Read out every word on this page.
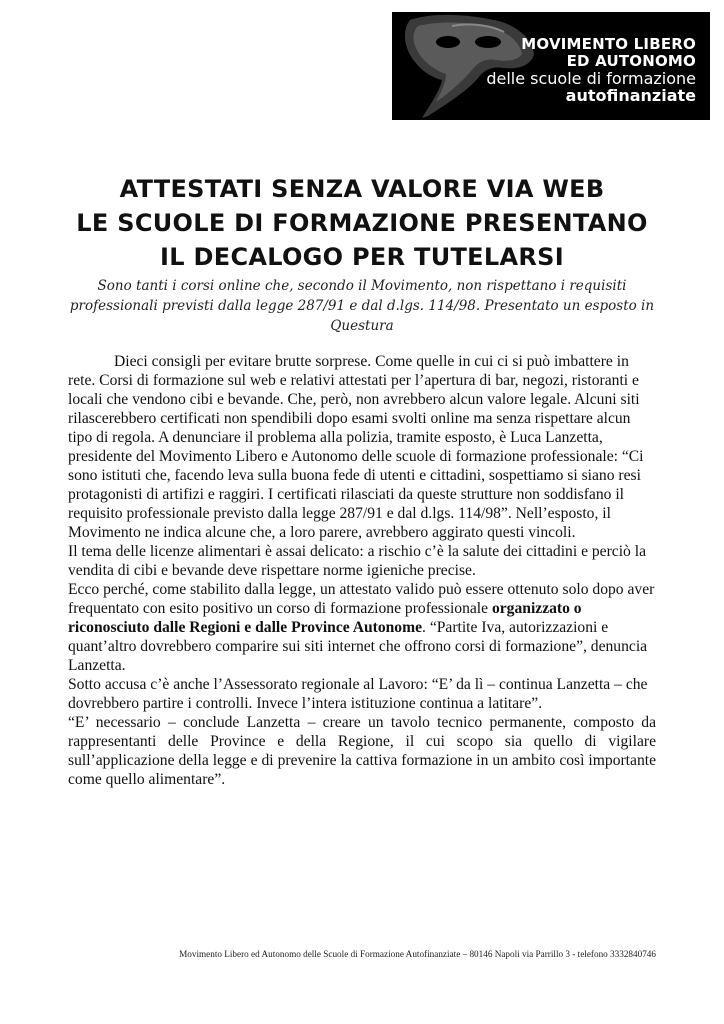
MOVIMENTO LIBERO
ED AUTONOMO
delle scuole di formazione
autofinanziate
ATTESTATI SENZA VALORE VIA WEB
LE SCUOLE DI FORMAZIONE PRESENTANO
IL DECALOGO PER TUTELARSI
Sono tanti i corsi online che, secondo il Movimento, non rispettano i requisiti professionali previsti dalla legge 287/91 e dal d.lgs. 114/98. Presentato un esposto in Questura

Dieci consigli per evitare brutte sorprese. Come quelle in cui ci si può imbattere in rete. Corsi di formazione sul web e relativi attestati per l’apertura di bar, negozi, ristoranti e locali che vendono cibi e bevande. Che, però, non avrebbero alcun valore legale. Alcuni siti rilascerebbero certificati non spendibili dopo esami svolti online ma senza rispettare alcun tipo di regola. A denunciare il problema alla polizia, tramite esposto, è Luca Lanzetta, presidente del Movimento Libero e Autonomo delle scuole di formazione professionale: “Ci sono istituti che, facendo leva sulla buona fede di utenti e cittadini, sospettiamo si siano resi protagonisti di artifizi e raggiri. I certificati rilasciati da queste strutture non soddisfano il requisito professionale previsto dalla legge 287/91 e dal d.lgs. 114/98”. Nell’esposto, il Movimento ne indica alcune che, a loro parere, avrebbero aggirato questi vincoli.

Il tema delle licenze alimentari è assai delicato: a rischio c’è la salute dei cittadini e perciò la vendita di cibi e bevande deve rispettare norme igieniche precise.

Ecco perché, come stabilito dalla legge, un attestato valido può essere ottenuto solo dopo aver frequentato con esito positivo un corso di formazione professionale organizzato o riconosciuto dalle Regioni e dalle Province Autonome. “Partite Iva, autorizzazioni e quant’altro dovrebbero comparire sui siti internet che offrono corsi di formazione”, denuncia Lanzetta.

Sotto accusa c’è anche l’Assessorato regionale al Lavoro: “E’ da lì – continua Lanzetta – che dovrebbero partire i controlli. Invece l’intera istituzione continua a latitare”.

“E’ necessario – conclude Lanzetta – creare un tavolo tecnico permanente, composto da rappresentanti delle Province e della Regione, il cui scopo sia quello di vigilare sull’applicazione della legge e di prevenire la cattiva formazione in un ambito così importante come quello alimentare”.

Movimento Libero ed Autonomo delle Scuole di Formazione Autofinanziate – 80146 Napoli via Parrillo 3 - telefono 3332840746
